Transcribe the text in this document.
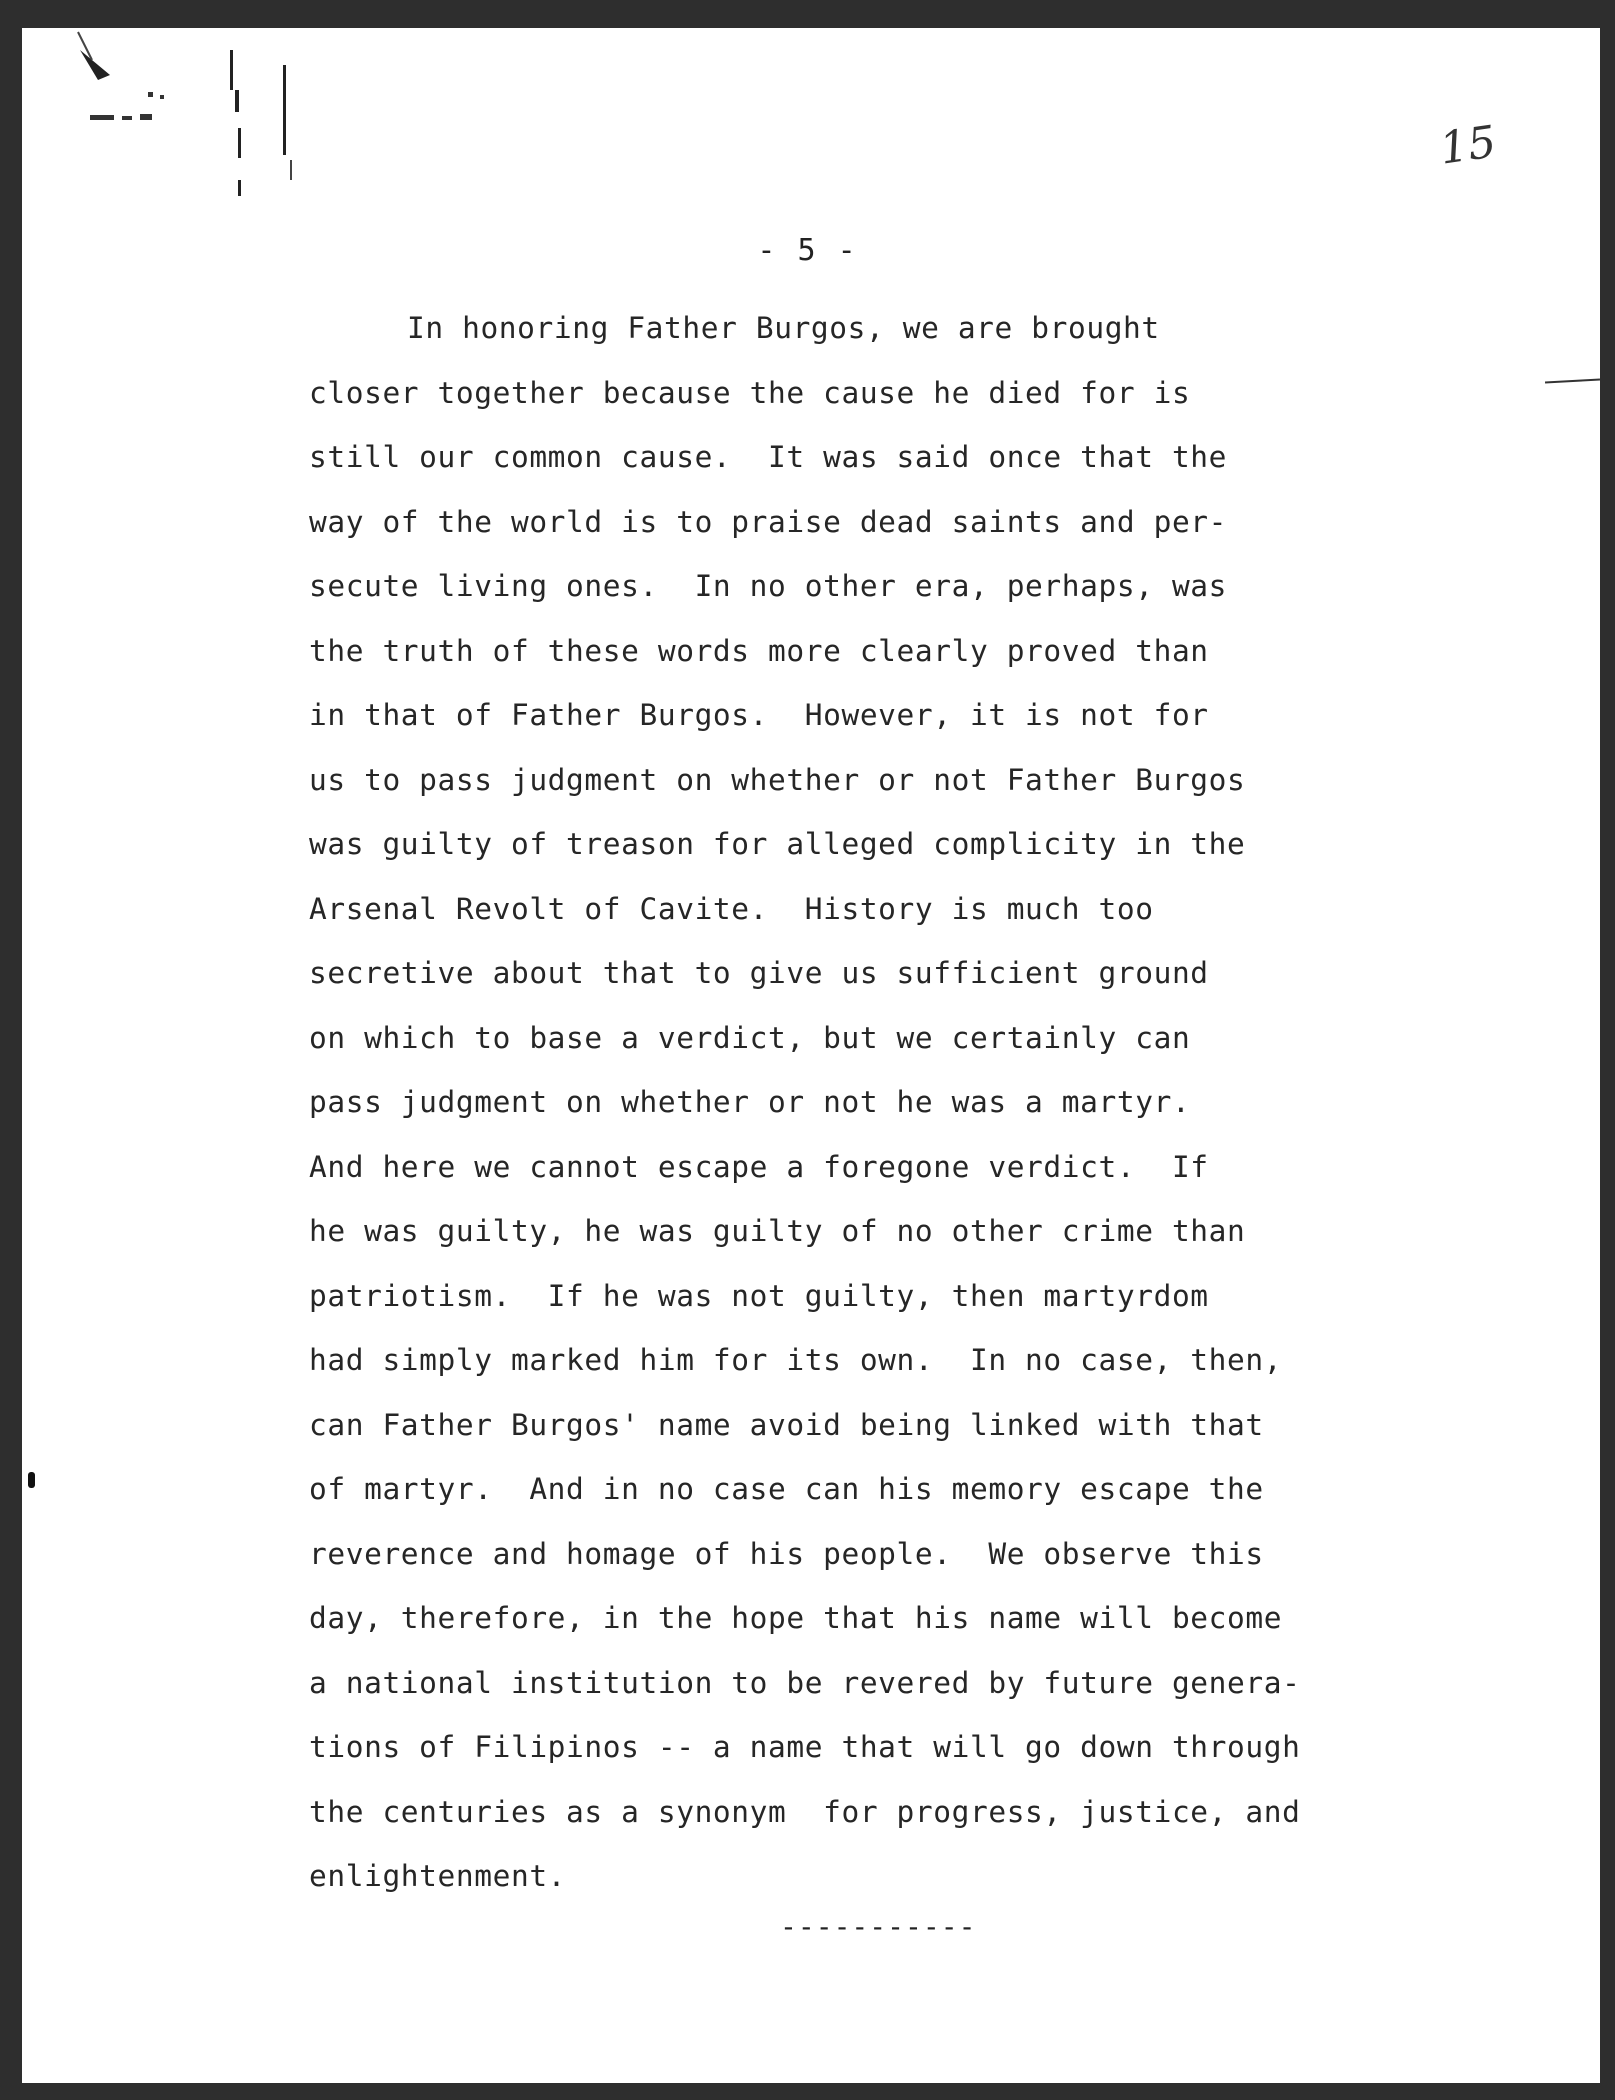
15
- 5 -
In honoring Father Burgos, we are brought
closer together because the cause he died for is
still our common cause.  It was said once that the
way of the world is to praise dead saints and per-
secute living ones.  In no other era, perhaps, was
the truth of these words more clearly proved than
in that of Father Burgos.  However, it is not for
us to pass judgment on whether or not Father Burgos
was guilty of treason for alleged complicity in the
Arsenal Revolt of Cavite.  History is much too
secretive about that to give us sufficient ground
on which to base a verdict, but we certainly can
pass judgment on whether or not he was a martyr.
And here we cannot escape a foregone verdict.  If
he was guilty, he was guilty of no other crime than
patriotism.  If he was not guilty, then martyrdom
had simply marked him for its own.  In no case, then,
can Father Burgos' name avoid being linked with that
of martyr.  And in no case can his memory escape the
reverence and homage of his people.  We observe this
day, therefore, in the hope that his name will become
a national institution to be revered by future genera-
tions of Filipinos -- a name that will go down through
the centuries as a synonym  for progress, justice, and
enlightenment.
-----------
